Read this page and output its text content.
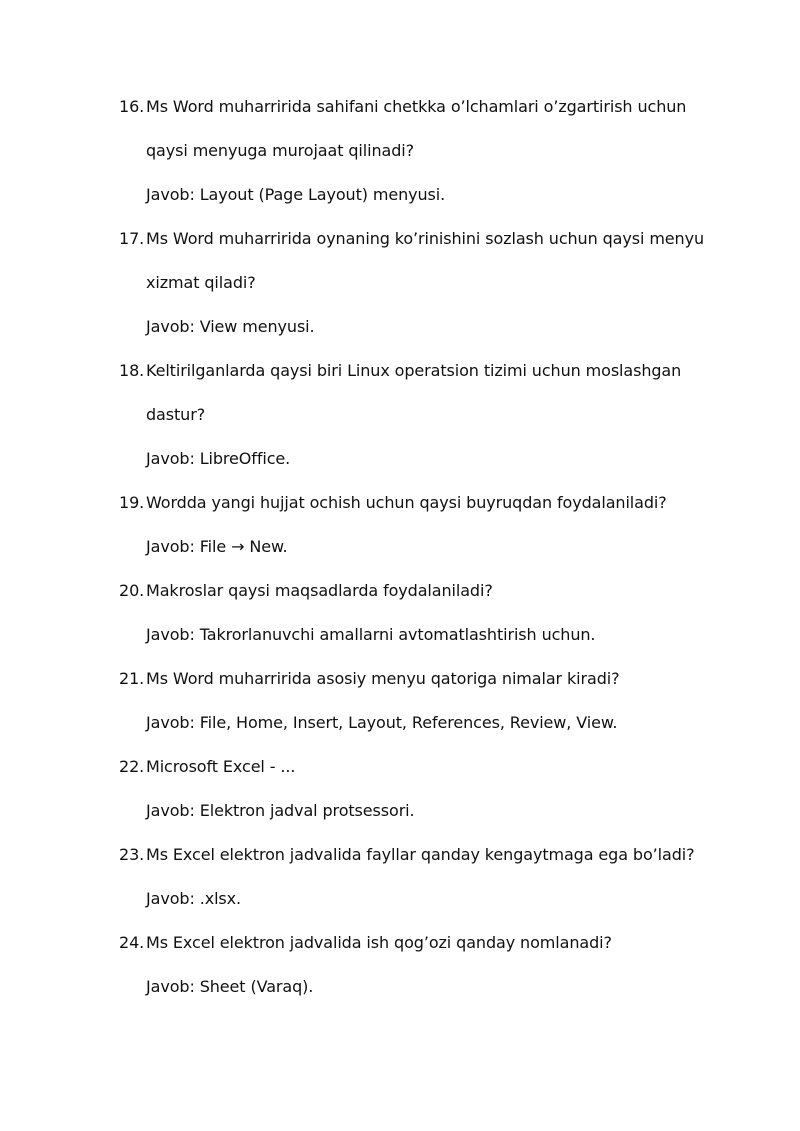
16. Ms Word muharririda sahifani chetkka o’lchamlari o’zgartirish uchun
qaysi menyuga murojaat qilinadi?
Javob: Layout (Page Layout) menyusi.
17. Ms Word muharririda oynaning ko’rinishini sozlash uchun qaysi menyu
xizmat qiladi?
Javob: View menyusi.
18. Keltirilganlarda qaysi biri Linux operatsion tizimi uchun moslashgan
dastur?
Javob: LibreOffice.
19. Wordda yangi hujjat ochish uchun qaysi buyruqdan foydalaniladi?
Javob: File → New.
20. Makroslar qaysi maqsadlarda foydalaniladi?
Javob: Takrorlanuvchi amallarni avtomatlashtirish uchun.
21. Ms Word muharririda asosiy menyu qatoriga nimalar kiradi?
Javob: File, Home, Insert, Layout, References, Review, View.
22. Microsoft Excel - ...
Javob: Elektron jadval protsessori.
23. Ms Excel elektron jadvalida fayllar qanday kengaytmaga ega bo’ladi?
Javob: .xlsx.
24. Ms Excel elektron jadvalida ish qog’ozi qanday nomlanadi?
Javob: Sheet (Varaq).
